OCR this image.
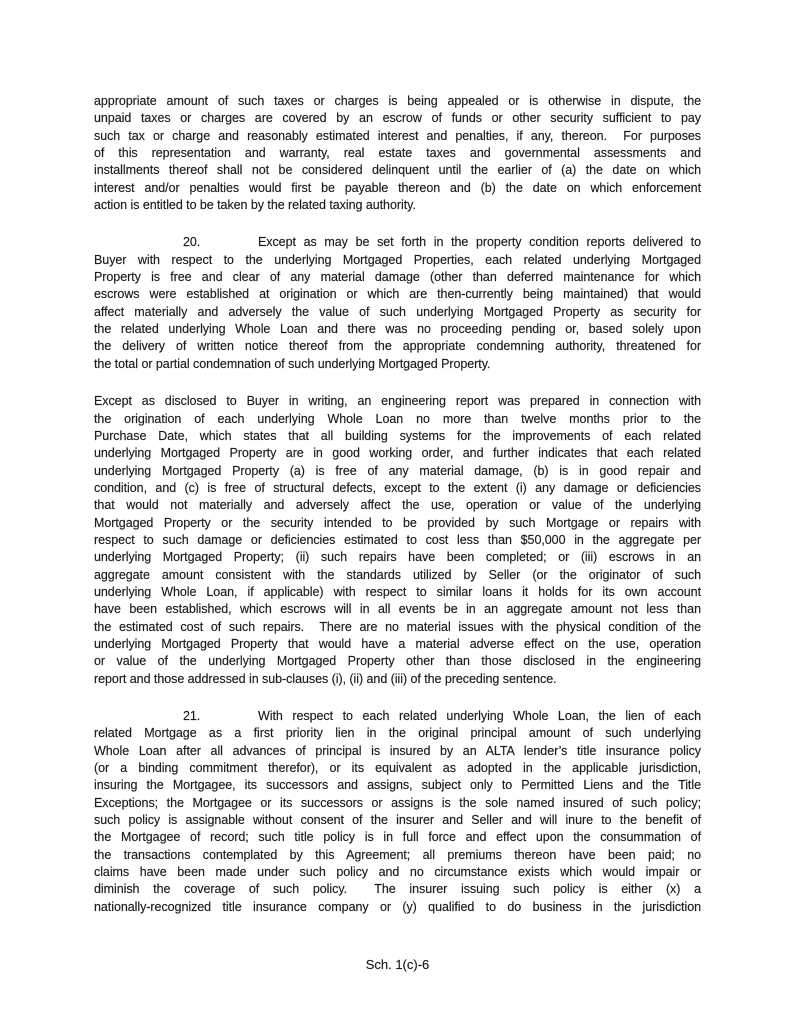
appropriate amount of such taxes or charges is being appealed or is otherwise in dispute, the
unpaid taxes or charges are covered by an escrow of funds or other security sufficient to pay
such tax or charge and reasonably estimated interest and penalties, if any, thereon.  For purposes
of this representation and warranty, real estate taxes and governmental assessments and
installments thereof shall not be considered delinquent until the earlier of (a) the date on which
interest and/or penalties would first be payable thereon and (b) the date on which enforcement
action is entitled to be taken by the related taxing authority.
20.	Except as may be set forth in the property condition reports delivered to
Buyer with respect to the underlying Mortgaged Properties, each related underlying Mortgaged
Property is free and clear of any material damage (other than deferred maintenance for which
escrows were established at origination or which are then-currently being maintained) that would
affect materially and adversely the value of such underlying Mortgaged Property as security for
the related underlying Whole Loan and there was no proceeding pending or, based solely upon
the delivery of written notice thereof from the appropriate condemning authority, threatened for
the total or partial condemnation of such underlying Mortgaged Property.
Except as disclosed to Buyer in writing, an engineering report was prepared in connection with
the origination of each underlying Whole Loan no more than twelve months prior to the
Purchase Date, which states that all building systems for the improvements of each related
underlying Mortgaged Property are in good working order, and further indicates that each related
underlying Mortgaged Property (a) is free of any material damage, (b) is in good repair and
condition, and (c) is free of structural defects, except to the extent (i) any damage or deficiencies
that would not materially and adversely affect the use, operation or value of the underlying
Mortgaged Property or the security intended to be provided by such Mortgage or repairs with
respect to such damage or deficiencies estimated to cost less than $50,000 in the aggregate per
underlying Mortgaged Property; (ii) such repairs have been completed; or (iii) escrows in an
aggregate amount consistent with the standards utilized by Seller (or the originator of such
underlying Whole Loan, if applicable) with respect to similar loans it holds for its own account
have been established, which escrows will in all events be in an aggregate amount not less than
the estimated cost of such repairs.  There are no material issues with the physical condition of the
underlying Mortgaged Property that would have a material adverse effect on the use, operation
or value of the underlying Mortgaged Property other than those disclosed in the engineering
report and those addressed in sub-clauses (i), (ii) and (iii) of the preceding sentence.
21.	With respect to each related underlying Whole Loan, the lien of each
related Mortgage as a first priority lien in the original principal amount of such underlying
Whole Loan after all advances of principal is insured by an ALTA lender’s title insurance policy
(or a binding commitment therefor), or its equivalent as adopted in the applicable jurisdiction,
insuring the Mortgagee, its successors and assigns, subject only to Permitted Liens and the Title
Exceptions; the Mortgagee or its successors or assigns is the sole named insured of such policy;
such policy is assignable without consent of the insurer and Seller and will inure to the benefit of
the Mortgagee of record; such title policy is in full force and effect upon the consummation of
the transactions contemplated by this Agreement; all premiums thereon have been paid; no
claims have been made under such policy and no circumstance exists which would impair or
diminish the coverage of such policy.  The insurer issuing such policy is either (x) a
nationally-recognized title insurance company or (y) qualified to do business in the jurisdiction
Sch. 1(c)-6
